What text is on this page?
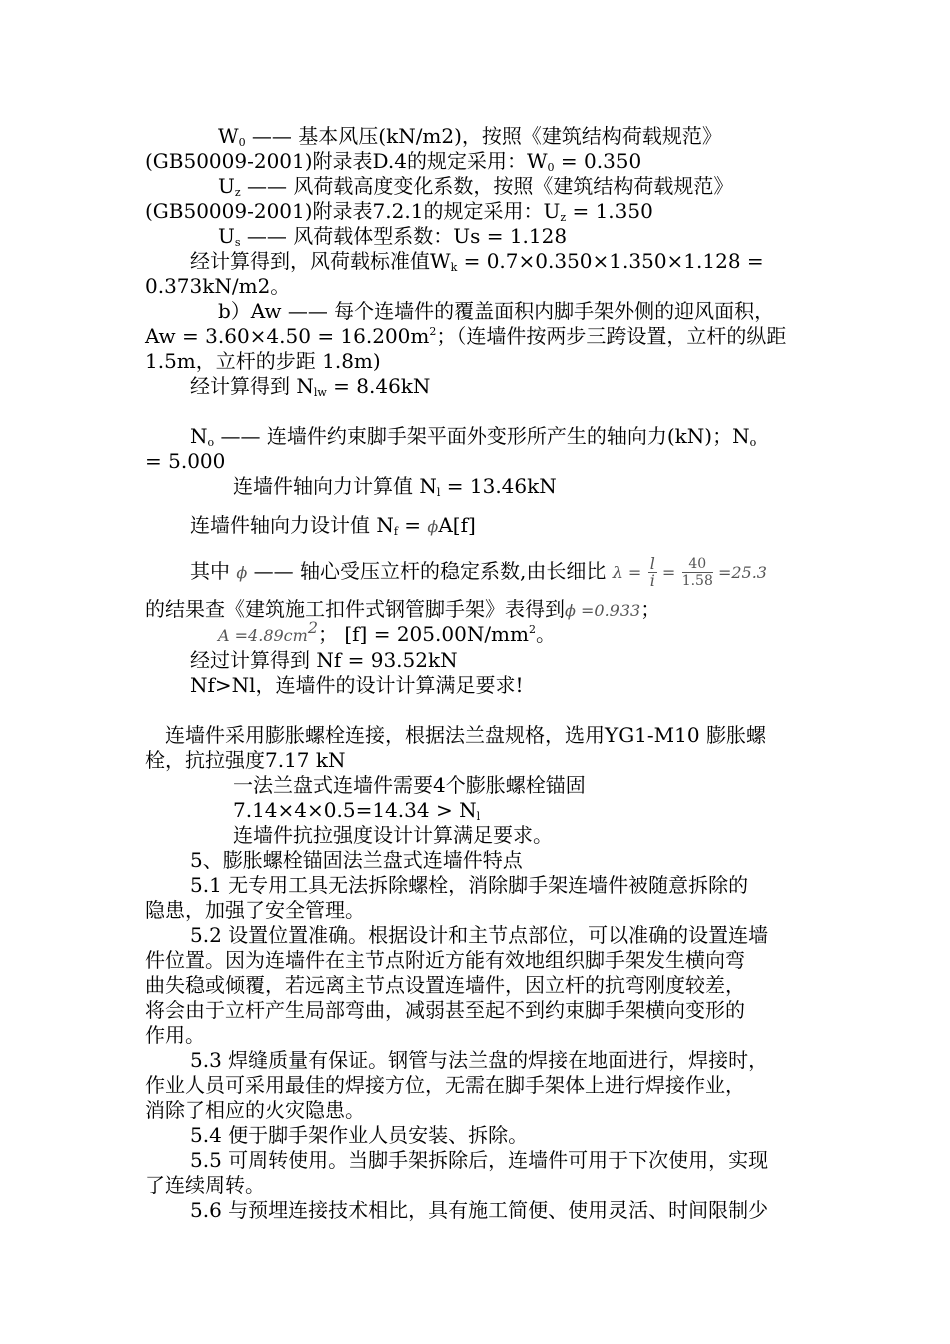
$W_0$ —— 基本风压(kN/m2)，按照《建筑结构荷载规范》
(GB50009-2001)附录表D.4的规定采用：$W_0 = 0.350$
$U_z$ —— 风荷载高度变化系数，按照《建筑结构荷载规范》
(GB50009-2001)附录表7.2.1的规定采用：$U_z = 1.350$
$U_s$ —— 风荷载体型系数：Us = 1.128
经计算得到，风荷载标准值$W_k = 0.7\times 0.350\times 1.350\times 1.128$ =
0.373kN/m2。
b）Aw —— 每个连墙件的覆盖面积内脚手架外侧的迎风面积，
$Aw = 3.60\times 4.50 = 16.200m^2$；（连墙件按两步三跨设置，立杆的纵距
1.5m，立杆的步距 1.8m)
经计算得到 $N_{lw} = 8.46kN$
$N_o$ —— 连墙件约束脚手架平面外变形所产生的轴向力(kN)；$N_o$
= 5.000
连墙件轴向力计算值 $N_l = 13.46kN$
连墙件轴向力设计值 $N_f = \phi A[f]$
其中 ϕ —— 轴心受压立杆的稳定系数,由长细比 $\lambda = \frac{l}{i} = \frac{40}{1.58} =25.3$
的结果查《建筑施工扣件式钢管脚手架》表得到ϕ =0.933；
$A =4.89cm^2$； $[f] = 205.00N/mm^2$。
经过计算得到 Nf = 93.52kN
Nf>Nl，连墙件的设计计算满足要求!
连墙件采用膨胀螺栓连接，根据法兰盘规格，选用YG1-M10 膨胀螺
栓，抗拉强度7.17 kN
一法兰盘式连墙件需要4个膨胀螺栓锚固
$7.14\times 4\times 0.5=14.34 > N_l$
连墙件抗拉强度设计计算满足要求。
5、膨胀螺栓锚固法兰盘式连墙件特点
5.1 无专用工具无法拆除螺栓，消除脚手架连墙件被随意拆除的
隐患，加强了安全管理。
5.2 设置位置准确。根据设计和主节点部位，可以准确的设置连墙
件位置。因为连墙件在主节点附近方能有效地组织脚手架发生横向弯
曲失稳或倾覆，若远离主节点设置连墙件，因立杆的抗弯刚度较差，
将会由于立杆产生局部弯曲，减弱甚至起不到约束脚手架横向变形的
作用。
5.3 焊缝质量有保证。钢管与法兰盘的焊接在地面进行，焊接时，
作业人员可采用最佳的焊接方位，无需在脚手架体上进行焊接作业，
消除了相应的火灾隐患。
5.4 便于脚手架作业人员安装、拆除。
5.5 可周转使用。当脚手架拆除后，连墙件可用于下次使用，实现
了连续周转。
5.6 与预埋连接技术相比，具有施工简便、使用灵活、时间限制少
